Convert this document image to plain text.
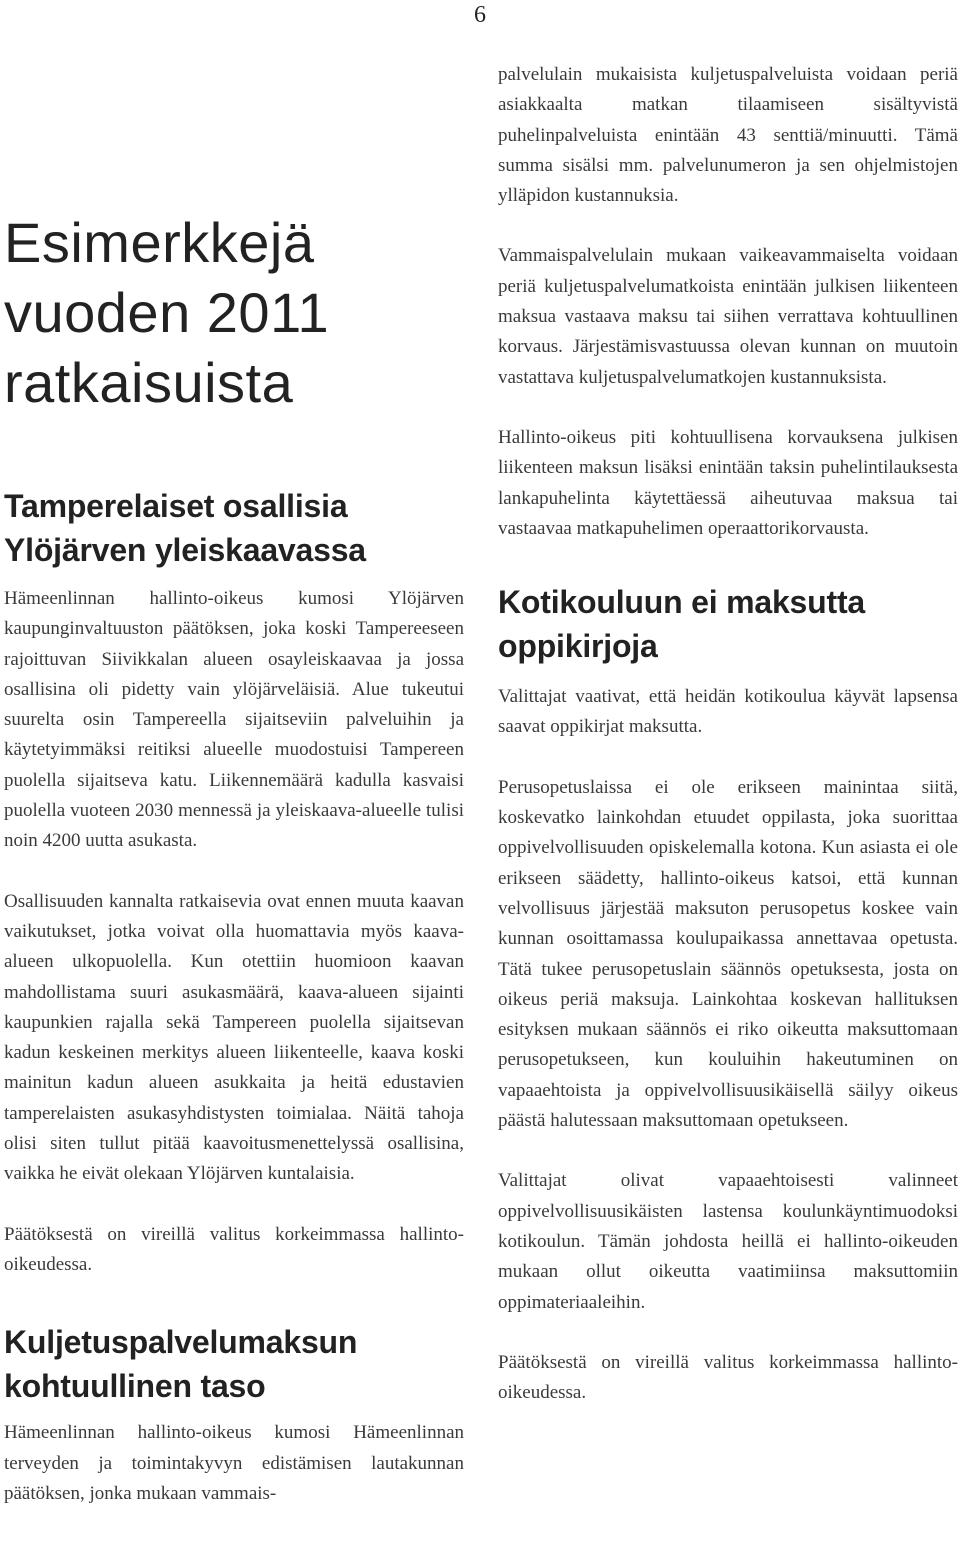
6
Esimerkkejä vuoden 2011 ratkaisuista
Tamperelaiset osallisia Ylöjärven yleiskaavassa

Hämeenlinnan hallinto-oikeus kumosi Ylöjärven kaupunginvaltuuston päätöksen, joka koski Tampereeseen rajoittuvan Siivikkalan alueen osayleiskaavaa ja jossa osallisina oli pidetty vain ylöjärveläisiä. Alue tukeutui suurelta osin Tampereella sijaitseviin palveluihin ja käytetyimmäksi reitiksi alueelle muodostuisi Tampereen puolella sijaitseva katu. Liikennemäärä kadulla kasvaisi puolella vuoteen 2030 mennessä ja yleiskaava-alueelle tulisi noin 4200 uutta asukasta.

Osallisuuden kannalta ratkaisevia ovat ennen muuta kaavan vaikutukset, jotka voivat olla huomattavia myös kaava-alueen ulkopuolella. Kun otettiin huomioon kaavan mahdollistama suuri asukasmäärä, kaava-alueen sijainti kaupunkien rajalla sekä Tampereen puolella sijaitsevan kadun keskeinen merkitys alueen liikenteelle, kaava koski mainitun kadun alueen asukkaita ja heitä edustavien tamperelaisten asukasyhdistysten toimialaa. Näitä tahoja olisi siten tullut pitää kaavoitusmenettelyssä osallisina, vaikka he eivät olekaan Ylöjärven kuntalaisia.

Päätöksestä on vireillä valitus korkeimmassa hallinto-oikeudessa.

Kuljetuspalvelumaksun kohtuullinen taso

Hämeenlinnan hallinto-oikeus kumosi Hämeenlinnan terveyden ja toimintakyvyn edistämisen lautakunnan päätöksen, jonka mukaan vammais-

palvelulain mukaisista kuljetuspalveluista voidaan periä asiakkaalta matkan tilaamiseen sisältyvistä puhelinpalveluista enintään 43 senttiä/minuutti. Tämä summa sisälsi mm. palvelunumeron ja sen ohjelmistojen ylläpidon kustannuksia.

Vammaispalvelulain mukaan vaikeavammaiselta voidaan periä kuljetuspalvelumatkoista enintään julkisen liikenteen maksua vastaava maksu tai siihen verrattava kohtuullinen korvaus. Järjestämisvastuussa olevan kunnan on muutoin vastattava kuljetuspalvelumatkojen kustannuksista.

Hallinto-oikeus piti kohtuullisena korvauksena julkisen liikenteen maksun lisäksi enintään taksin puhelintilauksesta lankapuhelinta käytettäessä aiheutuvaa maksua tai vastaavaa matkapuhelimen operaattorikorvausta.

Kotikouluun ei maksutta oppikirjoja

Valittajat vaativat, että heidän kotikoulua käyvät lapsensa saavat oppikirjat maksutta.

Perusopetuslaissa ei ole erikseen mainintaa siitä, koskevatko lainkohdan etuudet oppilasta, joka suorittaa oppivelvollisuuden opiskelemalla kotona. Kun asiasta ei ole erikseen säädetty, hallinto-oikeus katsoi, että kunnan velvollisuus järjestää maksuton perusopetus koskee vain kunnan osoittamassa koulupaikassa annettavaa opetusta. Tätä tukee perusopetuslain säännös opetuksesta, josta on oikeus periä maksuja. Lainkohtaa koskevan hallituksen esityksen mukaan säännös ei riko oikeutta maksuttomaan perusopetukseen, kun kouluihin hakeutuminen on vapaaehtoista ja oppivelvollisuusikäisellä säilyy oikeus päästä halutessaan maksuttomaan opetukseen.

Valittajat olivat vapaaehtoisesti valinneet oppivelvollisuusikäisten lastensa koulunkäyntimuodoksi kotikoulun. Tämän johdosta heillä ei hallinto-oikeuden mukaan ollut oikeutta vaatimiinsa maksuttomiin oppimateriaaleihin.

Päätöksestä on vireillä valitus korkeimmassa hallinto-oikeudessa.
